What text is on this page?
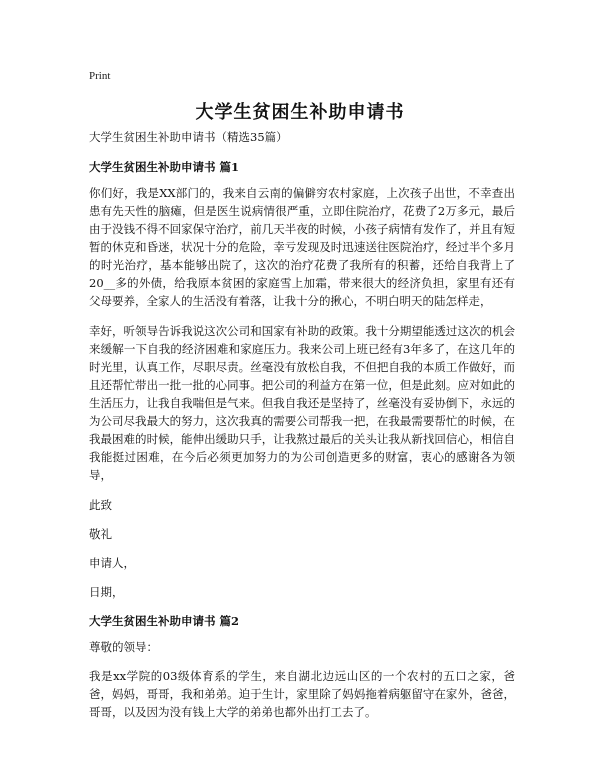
Print
大学生贫困生补助申请书
大学生贫困生补助申请书（精选35篇）
大学生贫困生补助申请书 篇1

你们好，我是XX部门的，我来自云南的偏僻穷农村家庭，上次孩子出世，不幸查出患有先天性的脑瘫，但是医生说病情很严重，立即住院治疗，花费了2万多元，最后由于没钱不得不回家保守治疗，前几天半夜的时候，小孩子病情有发作了，并且有短暂的休克和昏迷，状况十分的危险，幸亏发现及时迅速送往医院治疗，经过半个多月的时光治疗，基本能够出院了，这次的治疗花费了我所有的积蓄，还给自我背上了20__多的外债，给我原本贫困的家庭雪上加霜，带来很大的经济负担，家里有还有父母要养，全家人的生活没有着落，让我十分的揪心，不明白明天的陆怎样走，

幸好，听领导告诉我说这次公司和国家有补助的政策。我十分期望能透过这次的机会来缓解一下自我的经济困难和家庭压力。我来公司上班已经有3年多了，在这几年的时光里，认真工作，尽职尽责。丝毫没有放松自我，不但把自我的本质工作做好，而且还帮忙带出一批一批的心同事。把公司的利益方在第一位，但是此刻。应对如此的生活压力，让我自我喘但是气来。但我自我还是坚持了，丝毫没有妥协倒下，永远的为公司尽我最大的努力，这次我真的需要公司帮我一把，在我最需要帮忙的时候，在我最困难的时候，能伸出缓助只手，让我熬过最后的关头让我从新找回信心，相信自我能挺过困难，在今后必须更加努力的为公司创造更多的财富，衷心的感谢各为领导，

此致

敬礼

申请人，

日期，

大学生贫困生补助申请书 篇2

尊敬的领导：

我是xx学院的03级体育系的学生，来自湖北边远山区的一个农村的五口之家，爸爸，妈妈，哥哥，我和弟弟。迫于生计，家里除了妈妈拖着病躯留守在家外，爸爸，哥哥，以及因为没有钱上大学的弟弟也都外出打工去了。
